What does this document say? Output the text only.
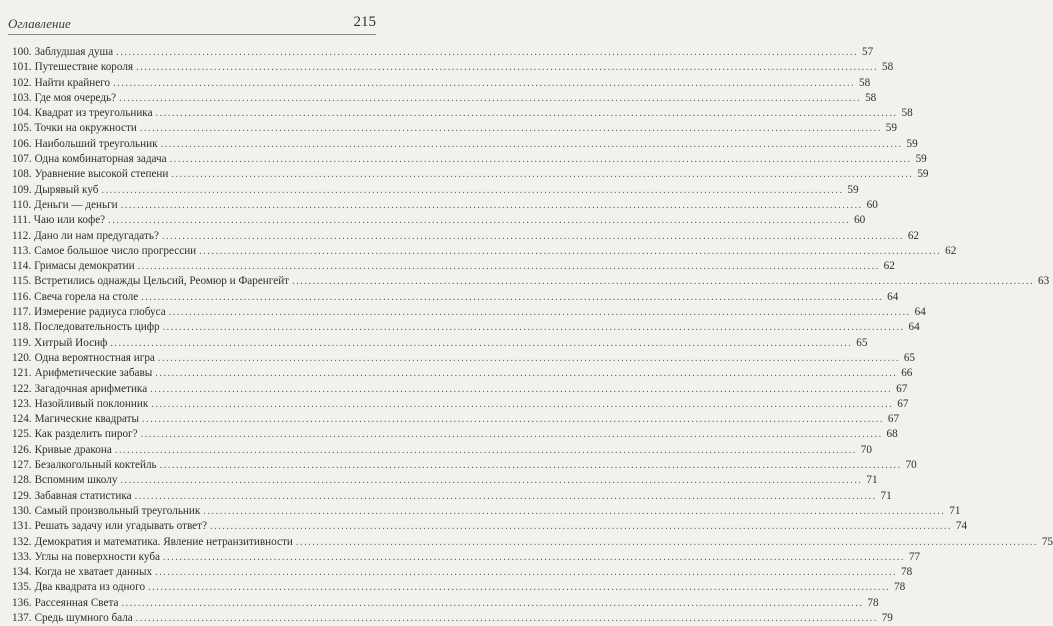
Оглавление	215
100. Заблудшая душа .....	57
101. Путешествие короля .....	58
102. Найти крайнего .....	58
103. Где моя очередь? .....	58
104. Квадрат из треугольника .....	58
105. Точки на окружности .....	59
106. Наибольший треугольник .....	59
107. Одна комбинаторная задача .....	59
108. Уравнение высокой степени .....	59
109. Дырявый куб .....	59
110. Деньги — деньги .....	60
111. Чаю или кофе? .....	60
112. Дано ли нам предугадать? .....	62
113. Самое большое число прогрессии .....	62
114. Гримасы демократии .....	62
115. Встретились однажды Цельсий, Реомюр и Фаренгейт .....	63
116. Свеча горела на столе .....	64
117. Измерение радиуса глобуса .....	64
118. Последовательность цифр .....	64
119. Хитрый Иосиф .....	65
120. Одна вероятностная игра .....	65
121. Арифметические забавы .....	66
122. Загадочная арифметика .....	67
123. Назойливый поклонник .....	67
124. Магические квадраты .....	67
125. Как разделить пирог? .....	68
126. Кривые дракона .....	70
127. Безалкогольный коктейль .....	70
128. Вспомним школу .....	71
129. Забавная статистика .....	71
130. Самый произвольный треугольник .....	71
131. Решать задачу или угадывать ответ? .....	74
132. Демократия и математика. Явление нетранзитивности .....	75
133. Углы на поверхности куба .....	77
134. Когда не хватает данных .....	78
135. Два квадрата из одного .....	78
136. Рассеянная Света .....	78
137. Средь шумного бала .....	79
